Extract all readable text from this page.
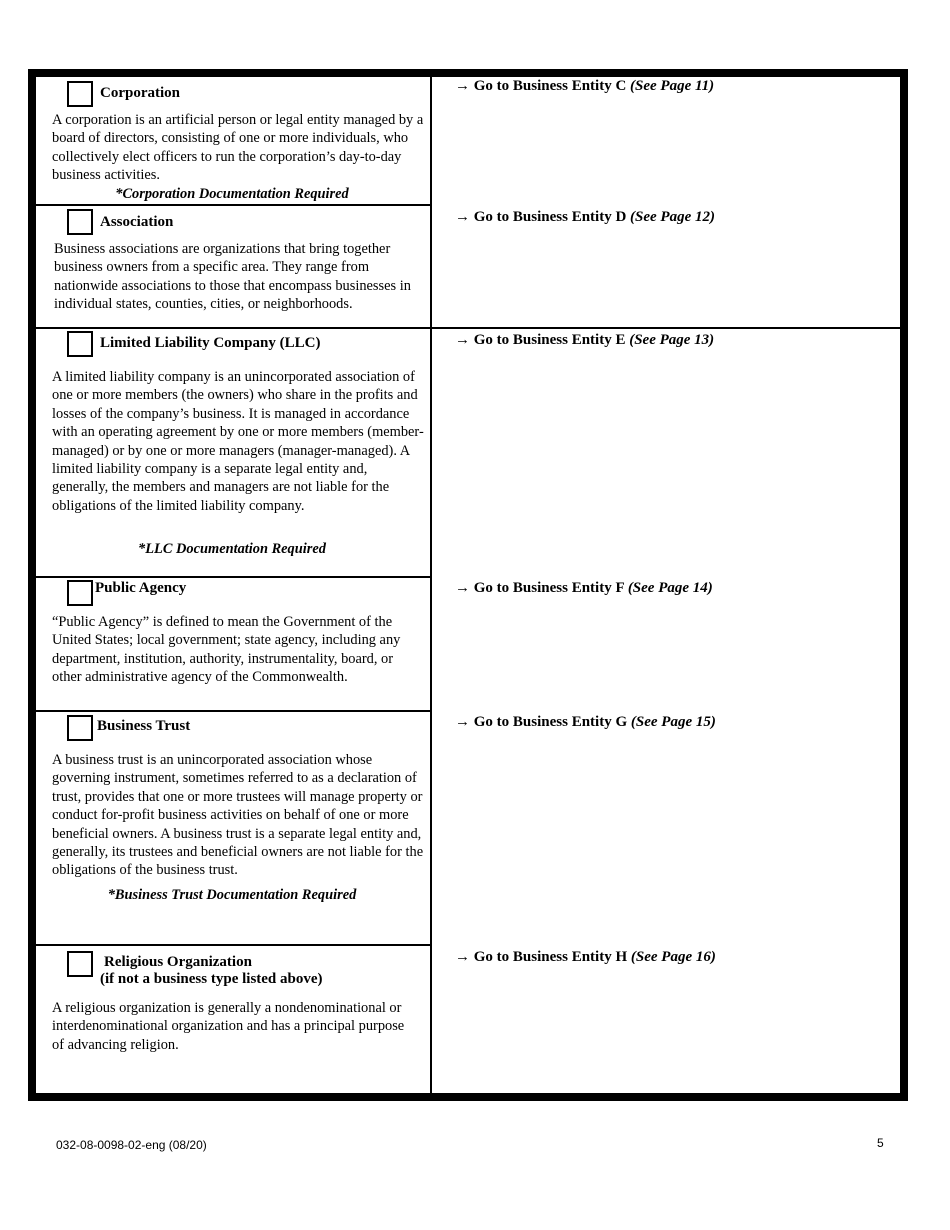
Corporation
A corporation is an artificial person or legal entity managed by a board of directors, consisting of one or more individuals, who collectively elect officers to run the corporation’s day-to-day business activities.
*Corporation Documentation Required
→ Go to Business Entity C (See Page 11)
Association
Business associations are organizations that bring together business owners from a specific area. They range from nationwide associations to those that encompass businesses in individual states, counties, cities, or neighborhoods.
→ Go to Business Entity D (See Page 12)
Limited Liability Company (LLC)
A limited liability company is an unincorporated association of one or more members (the owners) who share in the profits and losses of the company’s business. It is managed in accordance with an operating agreement by one or more members (member-managed) or by one or more managers (manager-managed). A limited liability company is a separate legal entity and, generally, the members and managers are not liable for the obligations of the limited liability company.
*LLC Documentation Required
→ Go to Business Entity E (See Page 13)
Public Agency
“Public Agency” is defined to mean the Government of the United States; local government; state agency, including any department, institution, authority, instrumentality, board, or other administrative agency of the Commonwealth.
→ Go to Business Entity F (See Page 14)
Business Trust
A business trust is an unincorporated association whose governing instrument, sometimes referred to as a declaration of trust, provides that one or more trustees will manage property or conduct for-profit business activities on behalf of one or more beneficial owners. A business trust is a separate legal entity and, generally, its trustees and beneficial owners are not liable for the obligations of the business trust.
*Business Trust Documentation Required
→ Go to Business Entity G (See Page 15)
Religious Organization
(if not a business type listed above)
A religious organization is generally a nondenominational or interdenominational organization and has a principal purpose of advancing religion.
→ Go to Business Entity H (See Page 16)
032-08-0098-02-eng (08/20)	5
